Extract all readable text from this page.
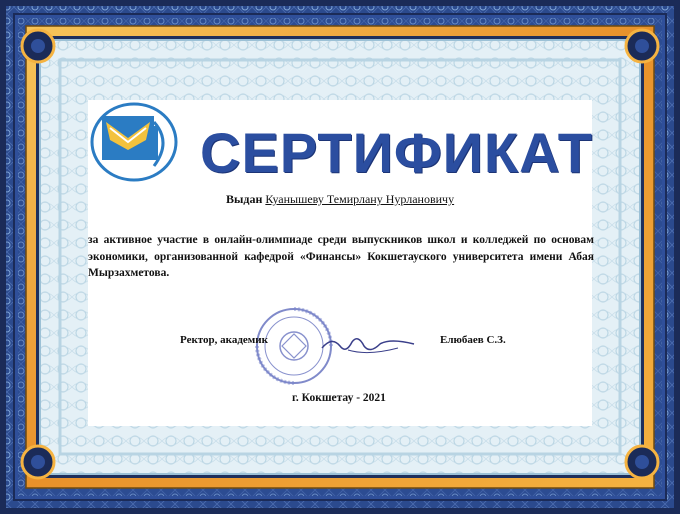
СЕРТИФИКАТ
Выдан Куанышеву Темирлану Нурлановичу
за активное участие в онлайн-олимпиаде среди выпускников школ и колледжей по основам экономики, организованной кафедрой «Финансы» Кокшетауского университета имени Абая Мырзахметова.
Ректор, академик	Елюбаев С.З.
г. Кокшетау - 2021
